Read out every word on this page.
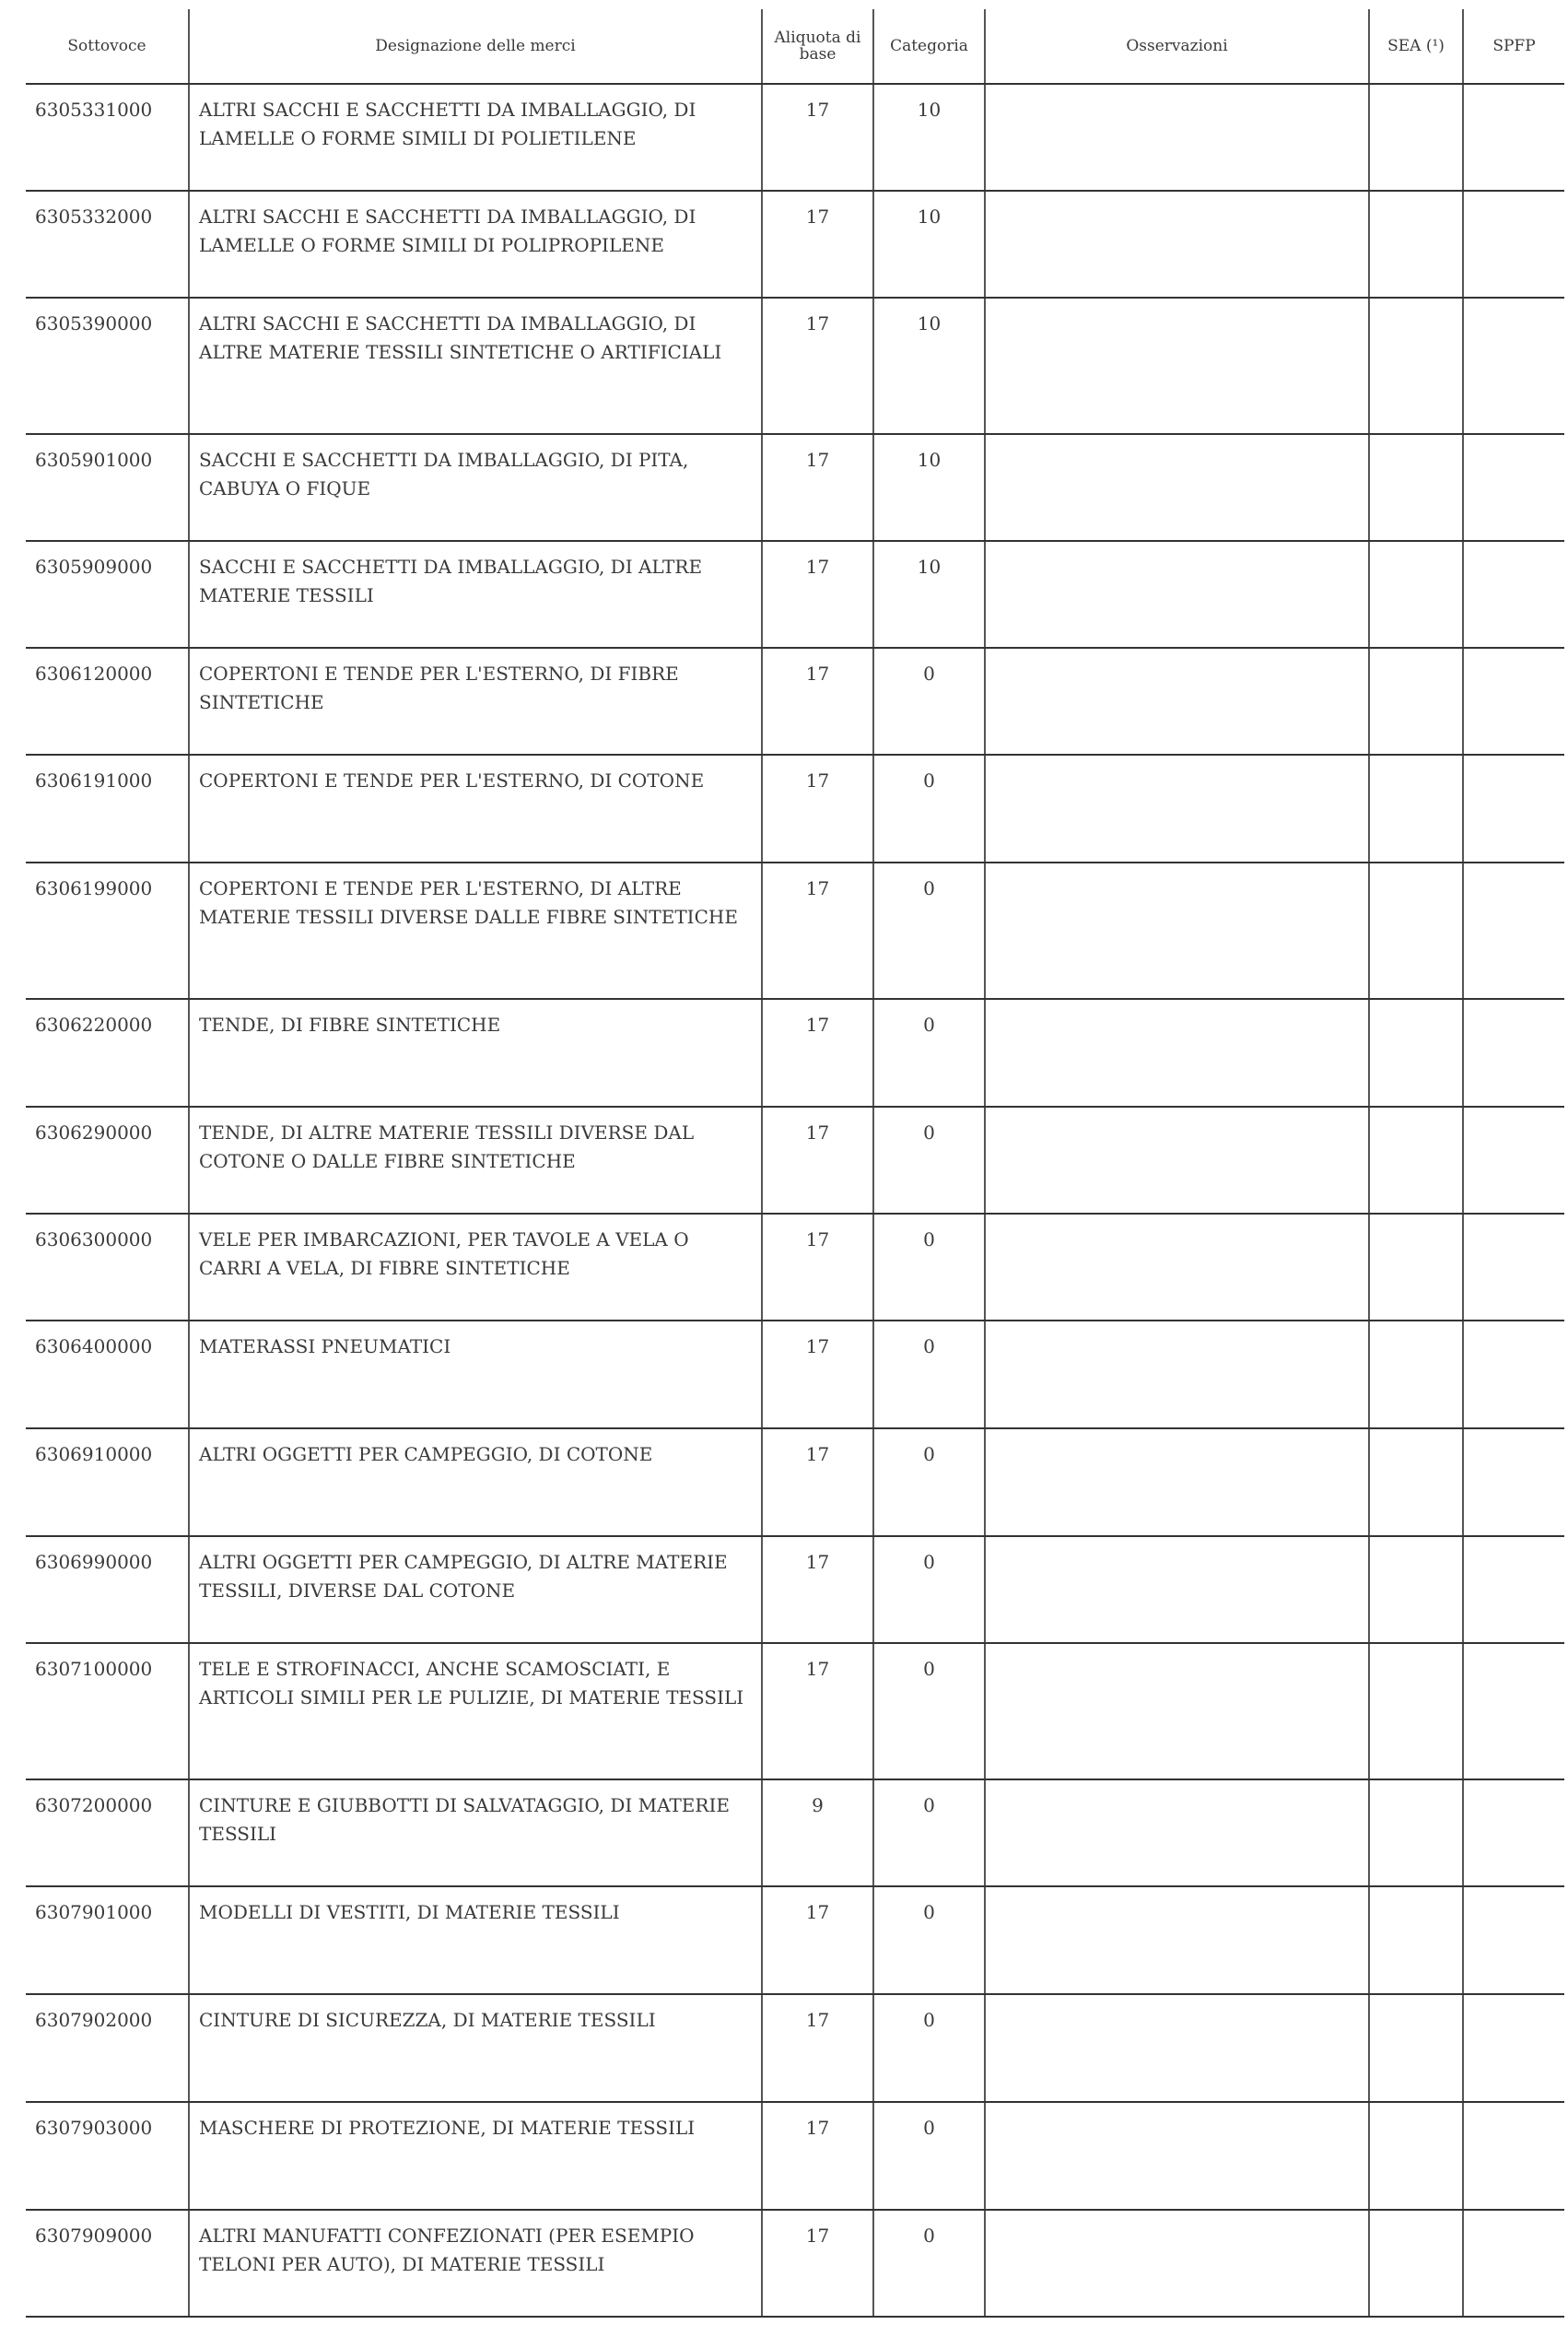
Sottovoce	Designazione delle merci	Aliquota di base	Categoria	Osservazioni	SEA (¹)	SPFP
6305331000	ALTRI SACCHI E SACCHETTI DA IMBALLAGGIO, DI LAMELLE O FORME SIMILI DI POLIETILENE	17	10			
6305332000	ALTRI SACCHI E SACCHETTI DA IMBALLAGGIO, DI LAMELLE O FORME SIMILI DI POLIPROPILENE	17	10			
6305390000	ALTRI SACCHI E SACCHETTI DA IMBALLAGGIO, DI ALTRE MATERIE TESSILI SINTETICHE O ARTIFICIALI	17	10			
6305901000	SACCHI E SACCHETTI DA IMBALLAGGIO, DI PITA, CABUYA O FIQUE	17	10			
6305909000	SACCHI E SACCHETTI DA IMBALLAGGIO, DI ALTRE MATERIE TESSILI	17	10			
6306120000	COPERTONI E TENDE PER L'ESTERNO, DI FIBRE SINTETICHE	17	0			
6306191000	COPERTONI E TENDE PER L'ESTERNO, DI COTONE	17	0			
6306199000	COPERTONI E TENDE PER L'ESTERNO, DI ALTRE MATERIE TESSILI DIVERSE DALLE FIBRE SINTETICHE	17	0			
6306220000	TENDE, DI FIBRE SINTETICHE	17	0			
6306290000	TENDE, DI ALTRE MATERIE TESSILI DIVERSE DAL COTONE O DALLE FIBRE SINTETICHE	17	0			
6306300000	VELE PER IMBARCAZIONI, PER TAVOLE A VELA O CARRI A VELA, DI FIBRE SINTETICHE	17	0			
6306400000	MATERASSI PNEUMATICI	17	0			
6306910000	ALTRI OGGETTI PER CAMPEGGIO, DI COTONE	17	0			
6306990000	ALTRI OGGETTI PER CAMPEGGIO, DI ALTRE MATERIE TESSILI, DIVERSE DAL COTONE	17	0			
6307100000	TELE E STROFINACCI, ANCHE SCAMOSCIATI, E ARTICOLI SIMILI PER LE PULIZIE, DI MATERIE TESSILI	17	0			
6307200000	CINTURE E GIUBBOTTI DI SALVATAGGIO, DI MATERIE TESSILI	9	0			
6307901000	MODELLI DI VESTITI, DI MATERIE TESSILI	17	0			
6307902000	CINTURE DI SICUREZZA, DI MATERIE TESSILI	17	0			
6307903000	MASCHERE DI PROTEZIONE, DI MATERIE TESSILI	17	0			
6307909000	ALTRI MANUFATTI CONFEZIONATI (PER ESEMPIO TELONI PER AUTO), DI MATERIE TESSILI	17	0			
